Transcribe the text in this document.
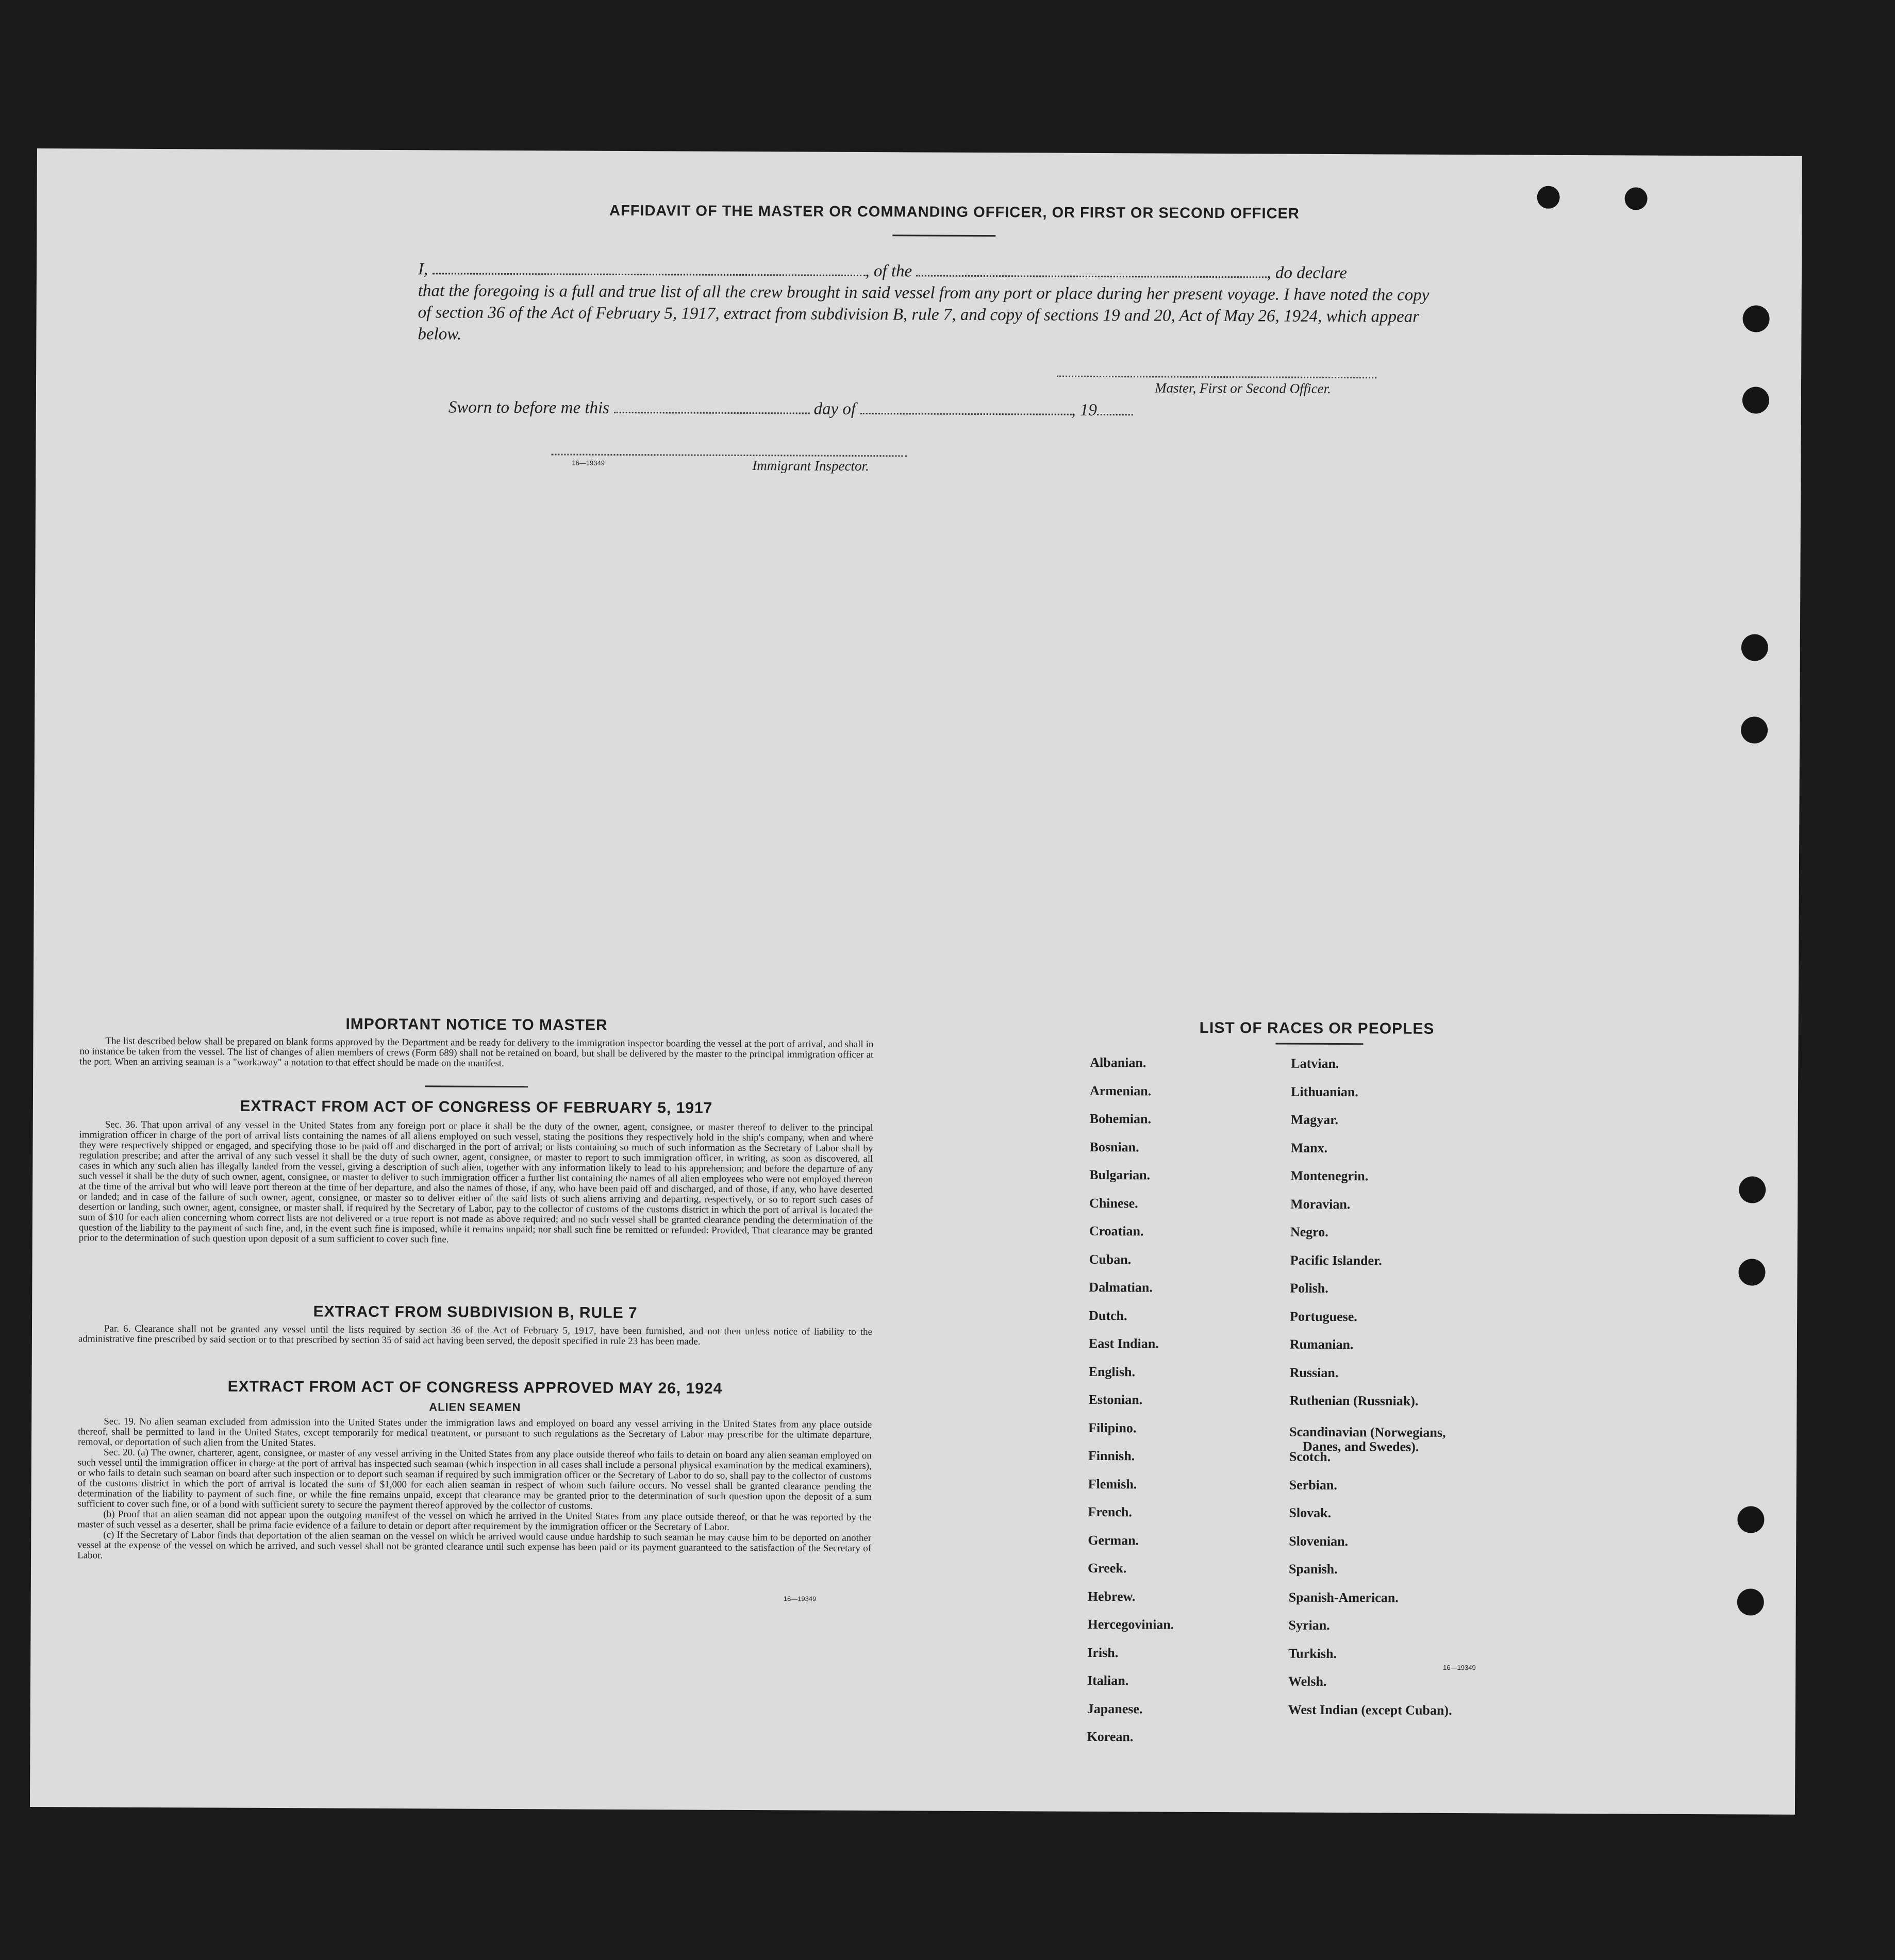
AFFIDAVIT OF THE MASTER OR COMMANDING OFFICER, OR FIRST OR SECOND OFFICER
I,	, of the	, do declare
that the foregoing is a full and true list of all the crew brought in said vessel from any port or place during her present voyage. I have noted the copy of section 36 of the Act of February 5, 1917, extract from subdivision B, rule 7, and copy of sections 19 and 20, Act of May 26, 1924, which appear below.
Master, First or Second Officer.
Sworn to before me this	day of	, 19
16—19349	Immigrant Inspector.
IMPORTANT NOTICE TO MASTER

The list described below shall be prepared on blank forms approved by the Department and be ready for delivery to the immigration inspector boarding the vessel at the port of arrival, and shall in no instance be taken from the vessel. The list of changes of alien members of crews (Form 689) shall not be retained on board, but shall be delivered by the master to the principal immigration officer at the port. When an arriving seaman is a "workaway" a notation to that effect should be made on the manifest.

EXTRACT FROM ACT OF CONGRESS OF FEBRUARY 5, 1917

Sec. 36. That upon arrival of any vessel in the United States from any foreign port or place it shall be the duty of the owner, agent, consignee, or master thereof to deliver to the principal immigration officer in charge of the port of arrival lists containing the names of all aliens employed on such vessel, stating the positions they respectively hold in the ship's company, when and where they were respectively shipped or engaged, and specifying those to be paid off and discharged in the port of arrival; or lists containing so much of such information as the Secretary of Labor shall by regulation prescribe; and after the arrival of any such vessel it shall be the duty of such owner, agent, consignee, or master to report to such immigration officer, in writing, as soon as discovered, all cases in which any such alien has illegally landed from the vessel, giving a description of such alien, together with any information likely to lead to his apprehension; and before the departure of any such vessel it shall be the duty of such owner, agent, consignee, or master to deliver to such immigration officer a further list containing the names of all alien employees who were not employed thereon at the time of the arrival but who will leave port thereon at the time of her departure, and also the names of those, if any, who have been paid off and discharged, and of those, if any, who have deserted or landed; and in case of the failure of such owner, agent, consignee, or master so to deliver either of the said lists of such aliens arriving and departing, respectively, or so to report such cases of desertion or landing, such owner, agent, consignee, or master shall, if required by the Secretary of Labor, pay to the collector of customs of the customs district in which the port of arrival is located the sum of $10 for each alien concerning whom correct lists are not delivered or a true report is not made as above required; and no such vessel shall be granted clearance pending the determination of the question of the liability to the payment of such fine, and, in the event such fine is imposed, while it remains unpaid; nor shall such fine be remitted or refunded: Provided, That clearance may be granted prior to the determination of such question upon deposit of a sum sufficient to cover such fine.

EXTRACT FROM SUBDIVISION B, RULE 7

Par. 6. Clearance shall not be granted any vessel until the lists required by section 36 of the Act of February 5, 1917, have been furnished, and not then unless notice of liability to the administrative fine prescribed by said section or to that prescribed by section 35 of said act having been served, the deposit specified in rule 23 has been made.

EXTRACT FROM ACT OF CONGRESS APPROVED MAY 26, 1924
ALIEN SEAMEN

Sec. 19. No alien seaman excluded from admission into the United States under the immigration laws and employed on board any vessel arriving in the United States from any place outside thereof, shall be permitted to land in the United States, except temporarily for medical treatment, or pursuant to such regulations as the Secretary of Labor may prescribe for the ultimate departure, removal, or deportation of such alien from the United States.

Sec. 20. (a) The owner, charterer, agent, consignee, or master of any vessel arriving in the United States from any place outside thereof who fails to detain on board any alien seaman employed on such vessel until the immigration officer in charge at the port of arrival has inspected such seaman (which inspection in all cases shall include a personal physical examination by the medical examiners), or who fails to detain such seaman on board after such inspection or to deport such seaman if required by such immigration officer or the Secretary of Labor to do so, shall pay to the collector of customs of the customs district in which the port of arrival is located the sum of $1,000 for each alien seaman in respect of whom such failure occurs. No vessel shall be granted clearance pending the determination of the liability to payment of such fine, or while the fine remains unpaid, except that clearance may be granted prior to the determination of such question upon the deposit of a sum sufficient to cover such fine, or of a bond with sufficient surety to secure the payment thereof approved by the collector of customs.

(b) Proof that an alien seaman did not appear upon the outgoing manifest of the vessel on which he arrived in the United States from any place outside thereof, or that he was reported by the master of such vessel as a deserter, shall be prima facie evidence of a failure to detain or deport after requirement by the immigration officer or the Secretary of Labor.

(c) If the Secretary of Labor finds that deportation of the alien seaman on the vessel on which he arrived would cause undue hardship to such seaman he may cause him to be deported on another vessel at the expense of the vessel on which he arrived, and such vessel shall not be granted clearance until such expense has been paid or its payment guaranteed to the satisfaction of the Secretary of Labor.

16—19349
LIST OF RACES OR PEOPLES
Albanian.
Armenian.
Bohemian.
Bosnian.
Bulgarian.
Chinese.
Croatian.
Cuban.
Dalmatian.
Dutch.
East Indian.
English.
Estonian.
Filipino.
Finnish.
Flemish.
French.
German.
Greek.
Hebrew.
Hercegovinian.
Irish.
Italian.
Japanese.
Korean.
Latvian.
Lithuanian.
Magyar.
Manx.
Montenegrin.
Moravian.
Negro.
Pacific Islander.
Polish.
Portuguese.
Rumanian.
Russian.
Ruthenian (Russniak).
Scandinavian (Norwegians,
Danes, and Swedes).
Scotch.
Serbian.
Slovak.
Slovenian.
Spanish.
Spanish-American.
Syrian.
Turkish.
Welsh.
West Indian (except Cuban).
16—19349
